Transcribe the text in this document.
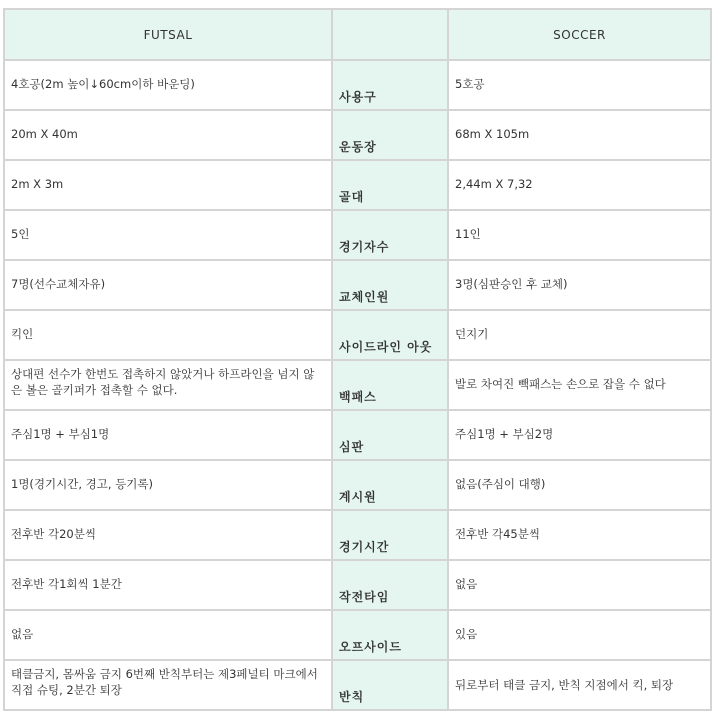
FUTSAL		SOCCER
4호공(2m 높이↓60cm이하 바운딩)	사용구	5호공
20m X 40m	운동장	68m X 105m
2m X 3m	골대	2,44m X 7,32
5인	경기자수	11인
7명(선수교체자유)	교체인원	3명(심판승인 후 교체)
킥인	사이드라인 아웃	던지기
상대편 선수가 한번도 접촉하지 않았거나 하프라인을 넘지 않은 볼은 골키퍼가 접촉할 수 없다.	백패스	발로 차여진 빽패스는 손으로 잡을 수 없다
주심1명 + 부심1명	심판	주심1명 + 부심2명
1명(경기시간, 경고, 등기록)	계시원	없음(주심이 대행)
전후반 각20분씩	경기시간	전후반 각45분씩
전후반 각1회씩 1분간	작전타임	없음
없음	오프사이드	있음
태클금지, 몸싸움 금지 6번째 반칙부터는 제3페널티 마크에서 직접 슈팅, 2분간 퇴장	반칙	뒤로부터 태클 금지, 반칙 지점에서 킥, 퇴장
